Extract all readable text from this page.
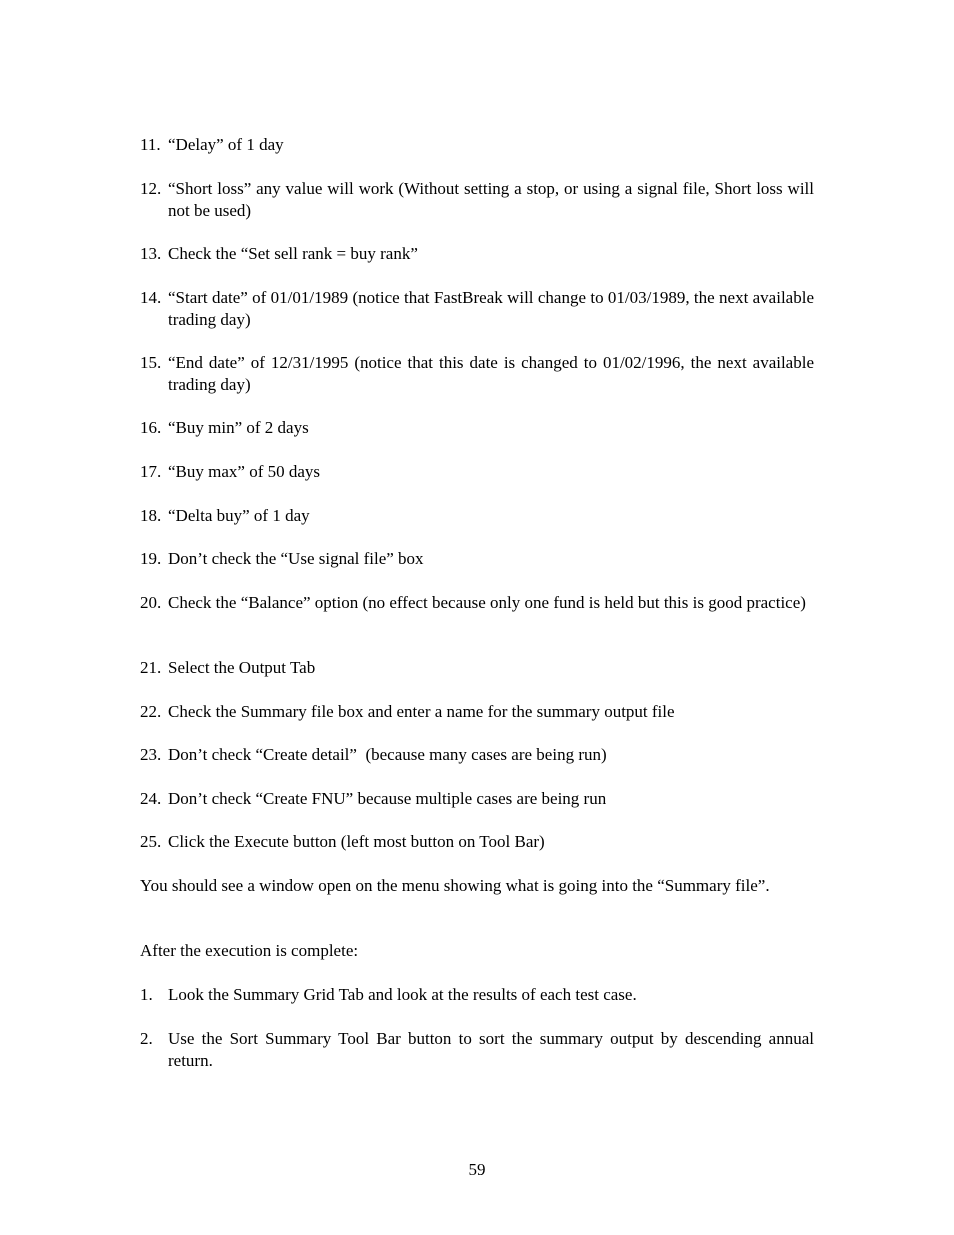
11. “Delay” of 1 day
12. “Short loss” any value will work (Without setting a stop, or using a signal file, Short loss will not be used)
13. Check the “Set sell rank = buy rank”
14. “Start date” of 01/01/1989 (notice that FastBreak will change to 01/03/1989, the next available trading day)
15. “End date” of 12/31/1995 (notice that this date is changed to 01/02/1996, the next available trading day)
16. “Buy min” of 2 days
17. “Buy max” of 50 days
18. “Delta buy” of 1 day
19. Don’t check the “Use signal file” box
20. Check the “Balance” option (no effect because only one fund is held but this is good practice)
21. Select the Output Tab
22. Check the Summary file box and enter a name for the summary output file
23. Don’t check “Create detail”  (because many cases are being run)
24. Don’t check “Create FNU” because multiple cases are being run
25. Click the Execute button (left most button on Tool Bar)

You should see a window open on the menu showing what is going into the “Summary file”.

After the execution is complete:

1. Look the Summary Grid Tab and look at the results of each test case.
2. Use the Sort Summary Tool Bar button to sort the summary output by descending annual return.
59
